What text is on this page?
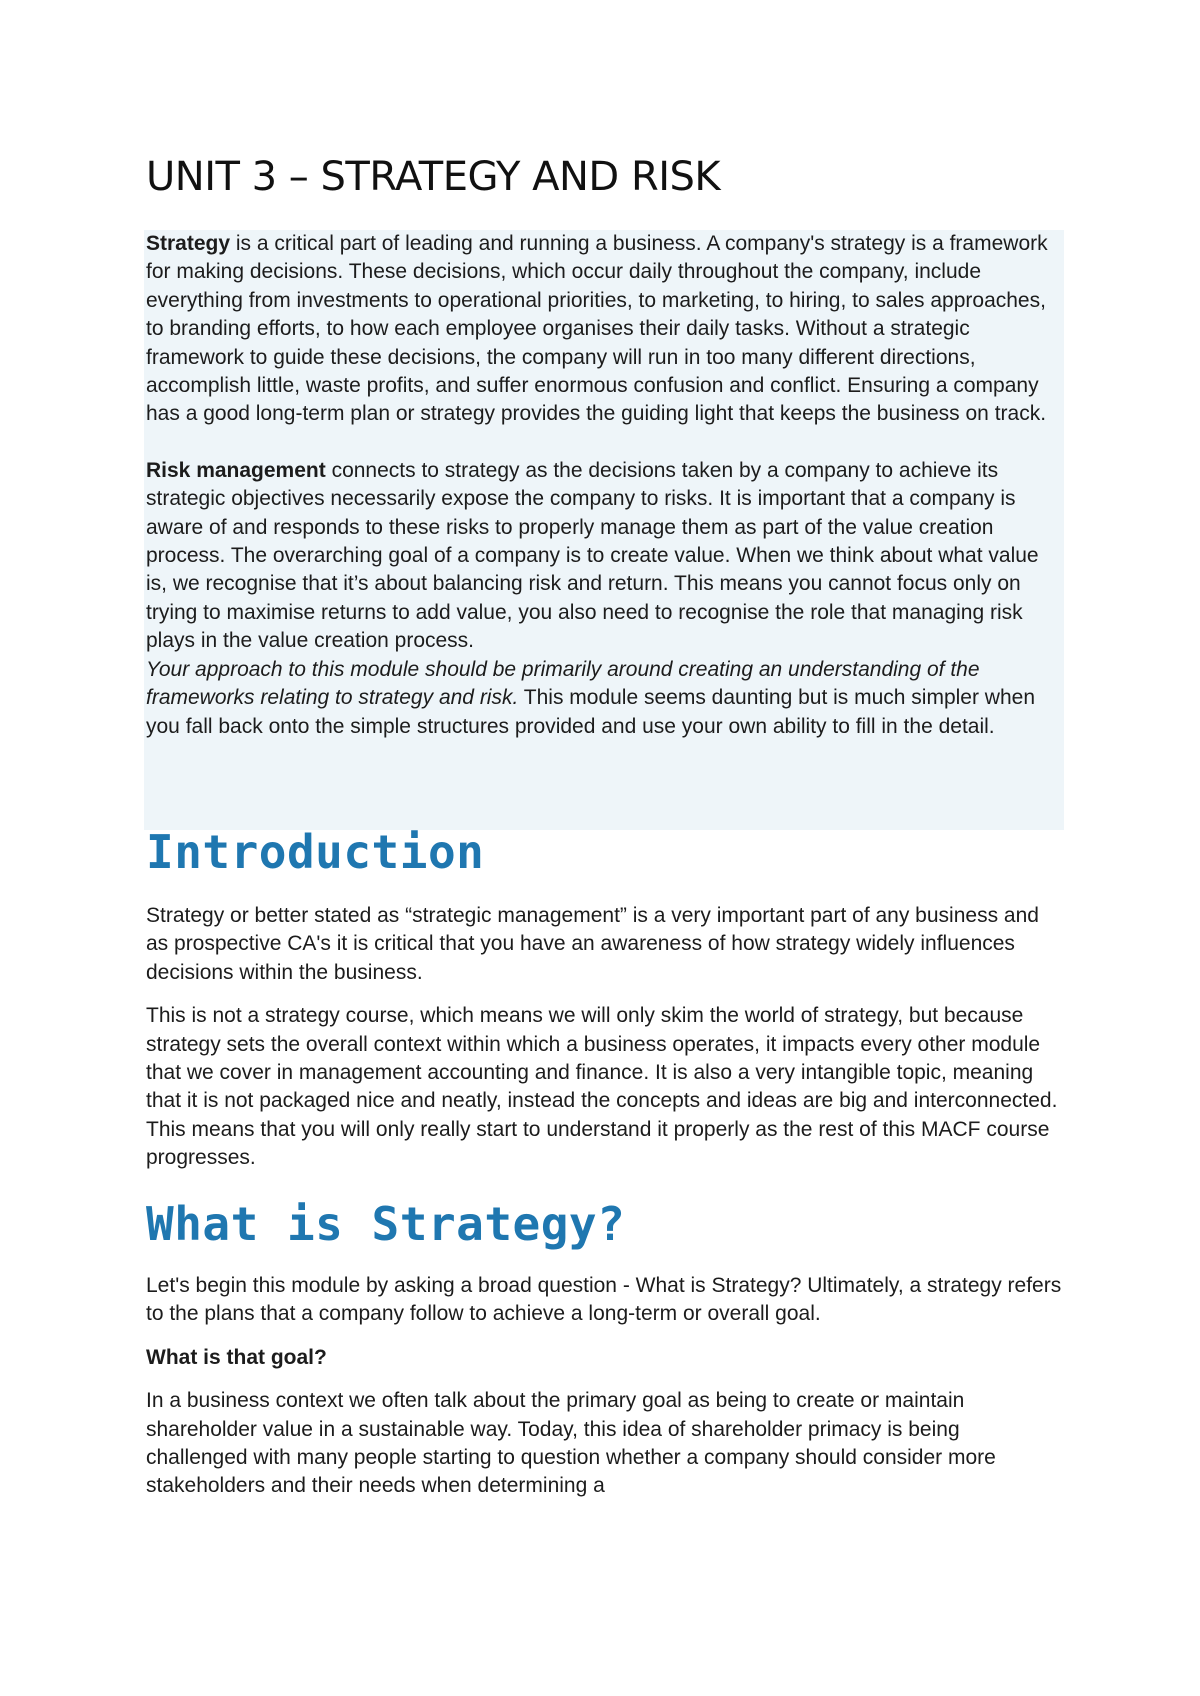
UNIT 3 – STRATEGY AND RISK

Strategy is a critical part of leading and running a business. A company's strategy is a framework for making decisions. These decisions, which occur daily throughout the company, include everything from investments to operational priorities, to marketing, to hiring, to sales approaches, to branding efforts, to how each employee organises their daily tasks. Without a strategic framework to guide these decisions, the company will run in too many different directions, accomplish little, waste profits, and suffer enormous confusion and conflict. Ensuring a company has a good long-term plan or strategy provides the guiding light that keeps the business on track.

Risk management connects to strategy as the decisions taken by a company to achieve its strategic objectives necessarily expose the company to risks. It is important that a company is aware of and responds to these risks to properly manage them as part of the value creation process. The overarching goal of a company is to create value. When we think about what value is, we recognise that it’s about balancing risk and return. This means you cannot focus only on trying to maximise returns to add value, you also need to recognise the role that managing risk plays in the value creation process.

Your approach to this module should be primarily around creating an understanding of the frameworks relating to strategy and risk. This module seems daunting but is much simpler when you fall back onto the simple structures provided and use your own ability to fill in the detail.

Introduction

Strategy or better stated as “strategic management” is a very important part of any business and as prospective CA's it is critical that you have an awareness of how strategy widely influences decisions within the business.

This is not a strategy course, which means we will only skim the world of strategy, but because strategy sets the overall context within which a business operates, it impacts every other module that we cover in management accounting and finance. It is also a very intangible topic, meaning that it is not packaged nice and neatly, instead the concepts and ideas are big and interconnected. This means that you will only really start to understand it properly as the rest of this MACF course progresses.

What is Strategy?

Let's begin this module by asking a broad question - What is Strategy? Ultimately, a strategy refers to the plans that a company follow to achieve a long-term or overall goal.

What is that goal?

In a business context we often talk about the primary goal as being to create or maintain shareholder value in a sustainable way. Today, this idea of shareholder primacy is being challenged with many people starting to question whether a company should consider more stakeholders and their needs when determining a
